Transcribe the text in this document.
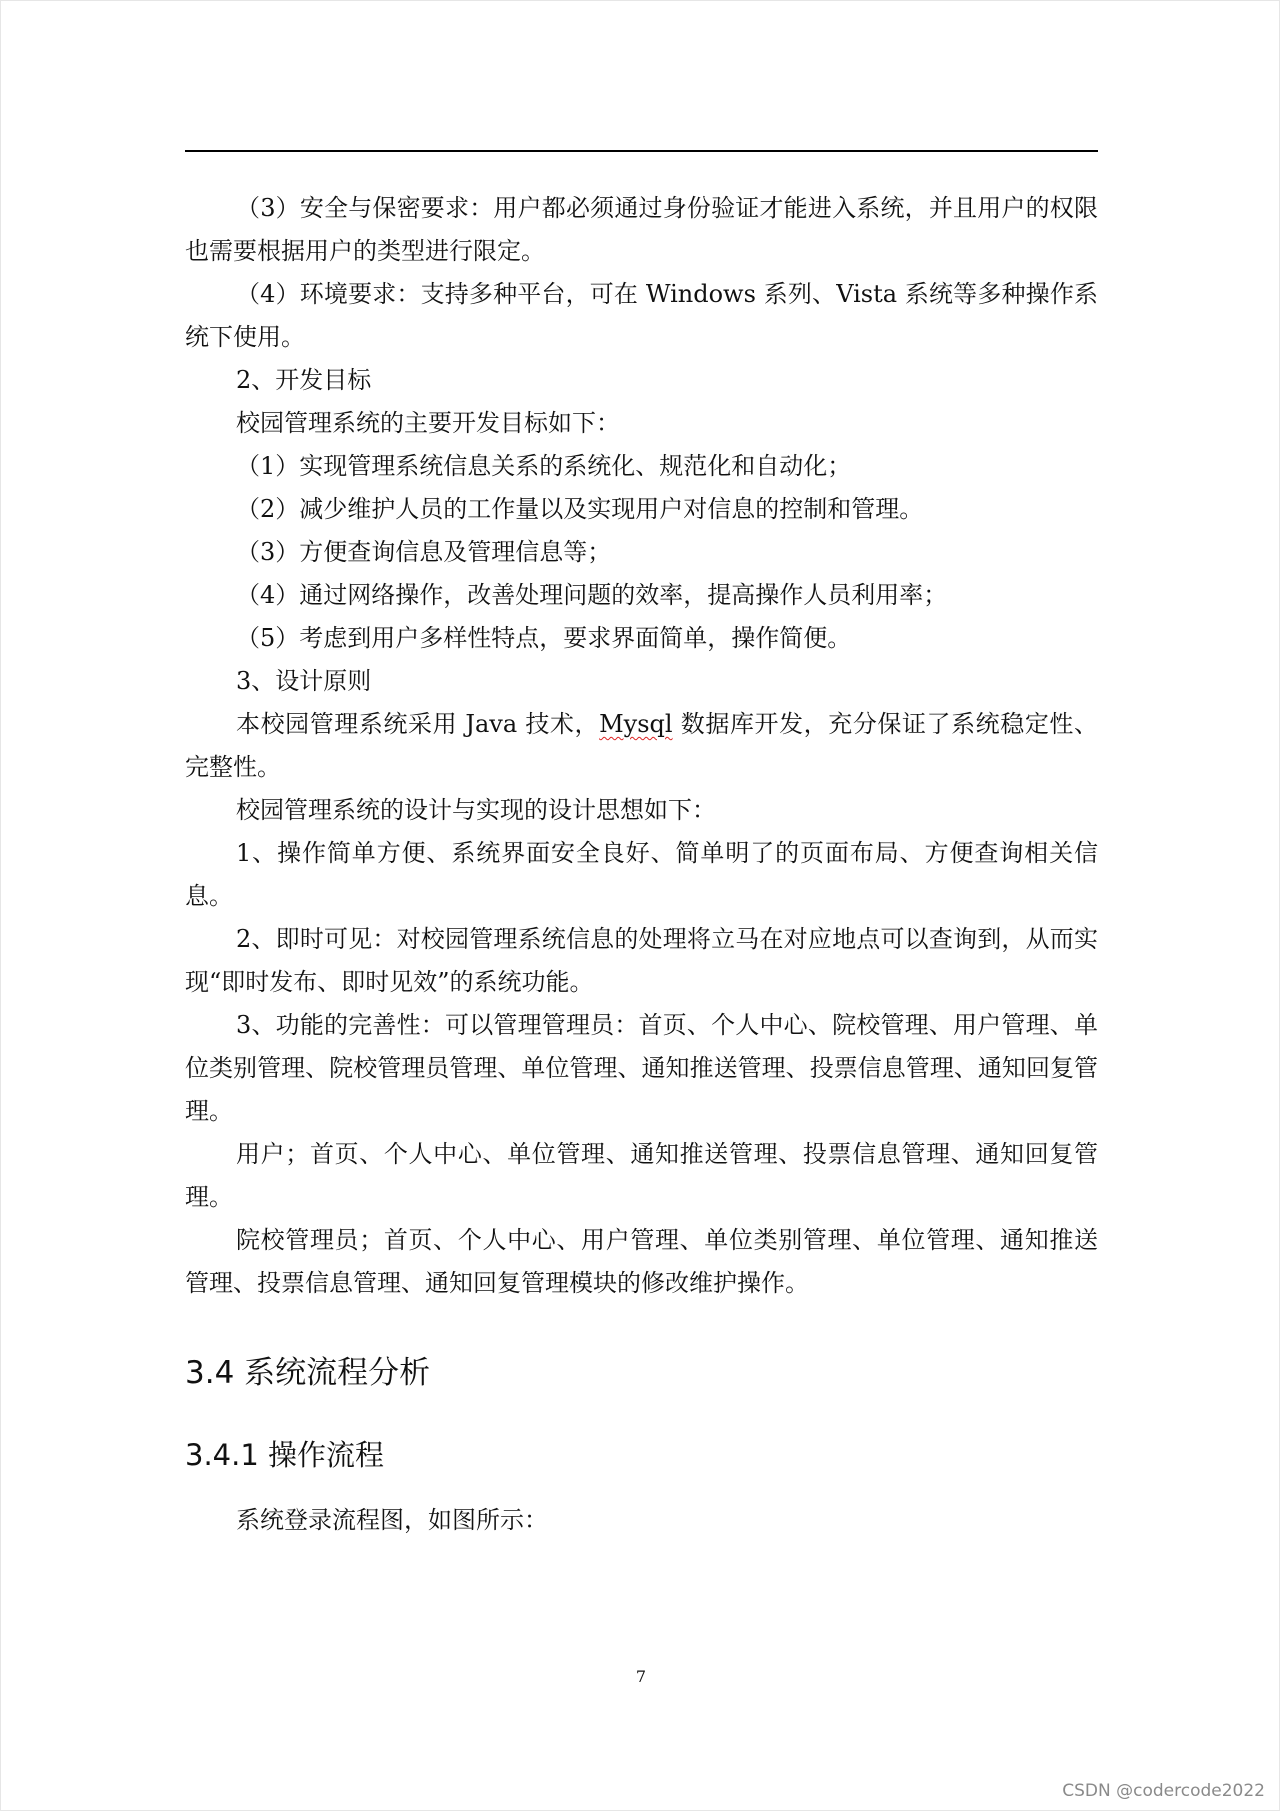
（3）安全与保密要求：用户都必须通过身份验证才能进入系统，并且用户的权限也需要根据用户的类型进行限定。

（4）环境要求：支持多种平台，可在 Windows 系列、Vista 系统等多种操作系统下使用。

2、开发目标

校园管理系统的主要开发目标如下：

（1）实现管理系统信息关系的系统化、规范化和自动化；

（2）减少维护人员的工作量以及实现用户对信息的控制和管理。

（3）方便查询信息及管理信息等；

（4）通过网络操作，改善处理问题的效率，提高操作人员利用率；

（5）考虑到用户多样性特点，要求界面简单，操作简便。

3、设计原则

本校园管理系统采用 Java 技术，Mysql 数据库开发，充分保证了系统稳定性、完整性。

校园管理系统的设计与实现的设计思想如下：

1、操作简单方便、系统界面安全良好、简单明了的页面布局、方便查询相关信息。

2、即时可见：对校园管理系统信息的处理将立马在对应地点可以查询到，从而实现“即时发布、即时见效”的系统功能。

3、功能的完善性：可以管理管理员：首页、个人中心、院校管理、用户管理、单位类别管理、院校管理员管理、单位管理、通知推送管理、投票信息管理、通知回复管理。

用户；首页、个人中心、单位管理、通知推送管理、投票信息管理、通知回复管理。

院校管理员；首页、个人中心、用户管理、单位类别管理、单位管理、通知推送管理、投票信息管理、通知回复管理模块的修改维护操作。

3.4 系统流程分析
3.4.1 操作流程

系统登录流程图，如图所示：

7
CSDN @codercode2022
